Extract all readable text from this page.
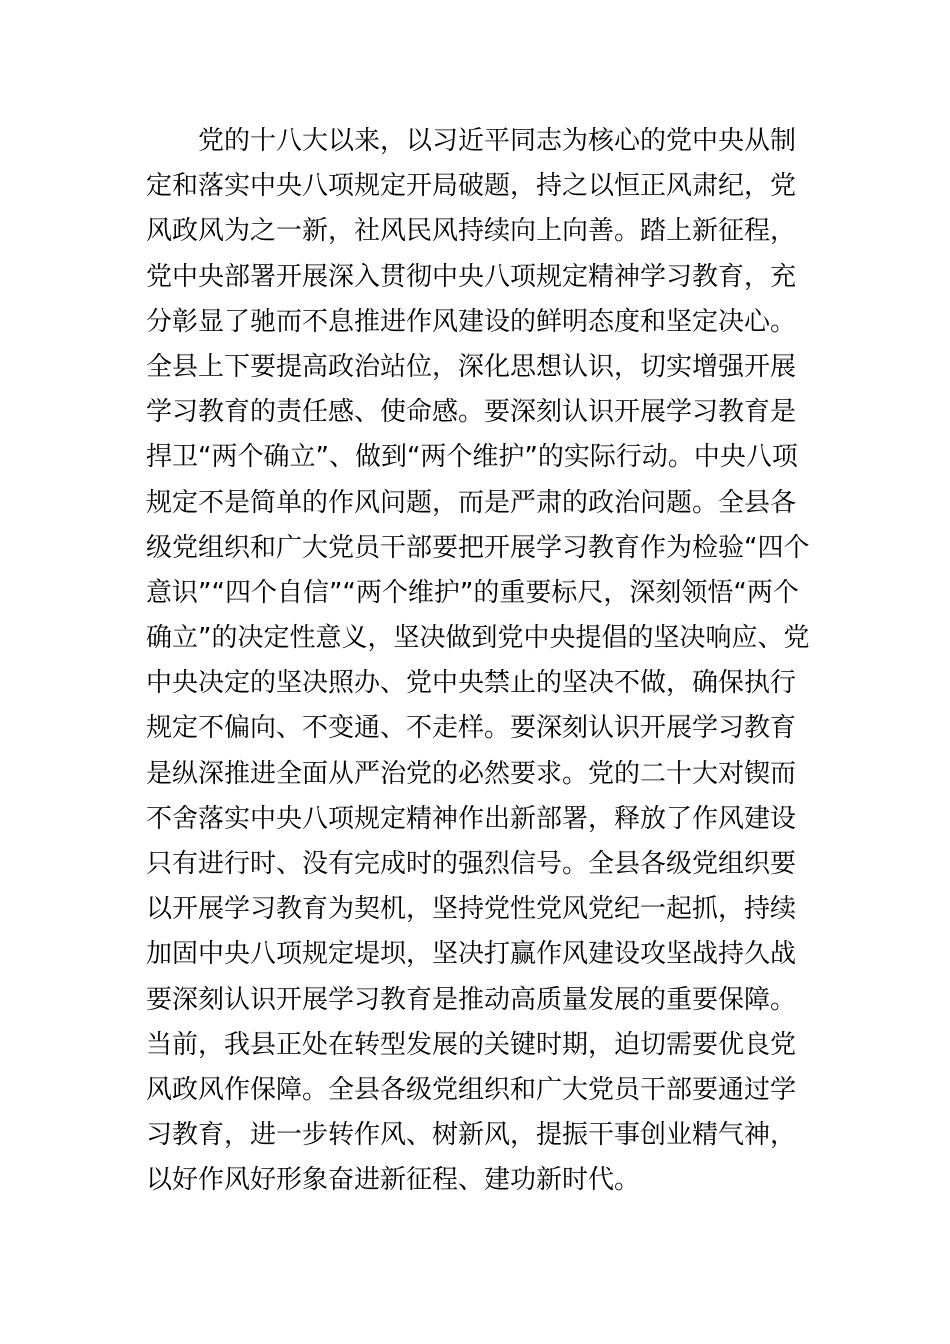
党的十八大以来，以习近平同志为核心的党中央从制

定和落实中央八项规定开局破题，持之以恒正风肃纪，党

风政风为之一新，社风民风持续向上向善。踏上新征程，

党中央部署开展深入贯彻中央八项规定精神学习教育，充

分彰显了驰而不息推进作风建设的鲜明态度和坚定决心。

全县上下要提高政治站位，深化思想认识，切实增强开展

学习教育的责任感、使命感。要深刻认识开展学习教育是

捍卫“两个确立”、做到“两个维护”的实际行动。中央八项

规定不是简单的作风问题，而是严肃的政治问题。全县各

级党组织和广大党员干部要把开展学习教育作为检验“四个

意识”“四个自信”“两个维护”的重要标尺，深刻领悟“两个

确立”的决定性意义，坚决做到党中央提倡的坚决响应、党

中央决定的坚决照办、党中央禁止的坚决不做，确保执行

规定不偏向、不变通、不走样。要深刻认识开展学习教育

是纵深推进全面从严治党的必然要求。党的二十大对锲而

不舍落实中央八项规定精神作出新部署，释放了作风建设

只有进行时、没有完成时的强烈信号。全县各级党组织要

以开展学习教育为契机，坚持党性党风党纪一起抓，持续

加固中央八项规定堤坝，坚决打赢作风建设攻坚战持久战

要深刻认识开展学习教育是推动高质量发展的重要保障。

当前，我县正处在转型发展的关键时期，迫切需要优良党

风政风作保障。全县各级党组织和广大党员干部要通过学

习教育，进一步转作风、树新风，提振干事创业精气神，

以好作风好形象奋进新征程、建功新时代。
